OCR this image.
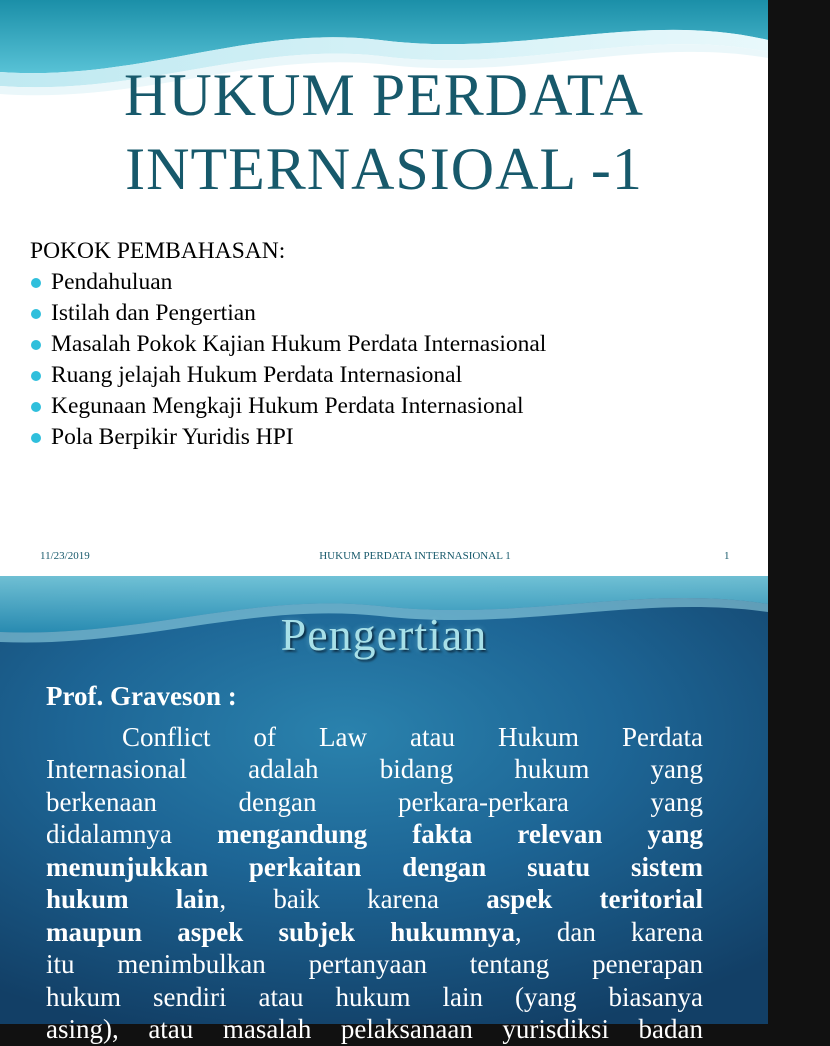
HUKUM PERDATA
INTERNASIOAL -1
POKOK PEMBAHASAN:
Pendahuluan
Istilah dan Pengertian
Masalah Pokok Kajian Hukum Perdata Internasional
Ruang jelajah Hukum Perdata Internasional
Kegunaan Mengkaji Hukum Perdata Internasional
Pola Berpikir Yuridis HPI
11/23/2019	HUKUM PERDATA INTERNASIONAL 1	1
Pengertian
Prof. Graveson :
Conflict of Law atau Hukum Perdata
Internasional adalah bidang hukum yang
berkenaan dengan perkara-perkara yang
didalamnya mengandung fakta relevan yang
menunjukkan perkaitan dengan suatu sistem
hukum lain, baik karena aspek teritorial
maupun aspek subjek hukumnya, dan karena
itu menimbulkan pertanyaan tentang penerapan
hukum sendiri atau hukum lain (yang biasanya
asing), atau masalah pelaksanaan yurisdiksi badan
